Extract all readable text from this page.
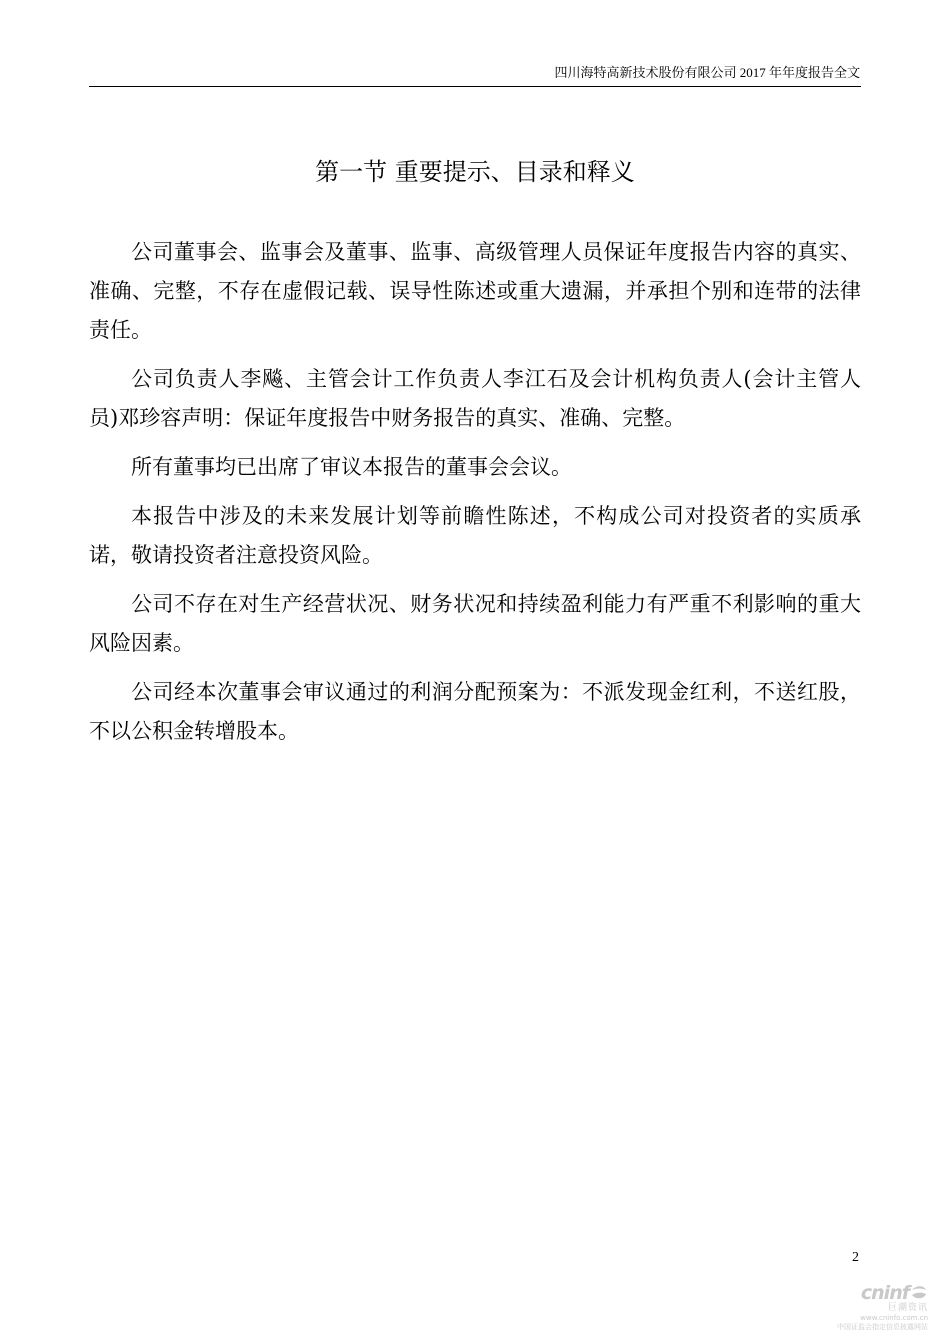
四川海特高新技术股份有限公司 2017 年年度报告全文
第一节 重要提示、目录和释义

公司董事会、监事会及董事、监事、高级管理人员保证年度报告内容的真实、准确、完整，不存在虚假记载、误导性陈述或重大遗漏，并承担个别和连带的法律责任。

公司负责人李飚、主管会计工作负责人李江石及会计机构负责人(会计主管人员)邓珍容声明：保证年度报告中财务报告的真实、准确、完整。

所有董事均已出席了审议本报告的董事会会议。

本报告中涉及的未来发展计划等前瞻性陈述，不构成公司对投资者的实质承诺，敬请投资者注意投资风险。

公司不存在对生产经营状况、财务状况和持续盈利能力有严重不利影响的重大风险因素。

公司经本次董事会审议通过的利润分配预案为：不派发现金红利，不送红股，不以公积金转增股本。

2
cninf
巨潮资讯
www.cninfo.com.cn
中国证监会指定信息披露网站
